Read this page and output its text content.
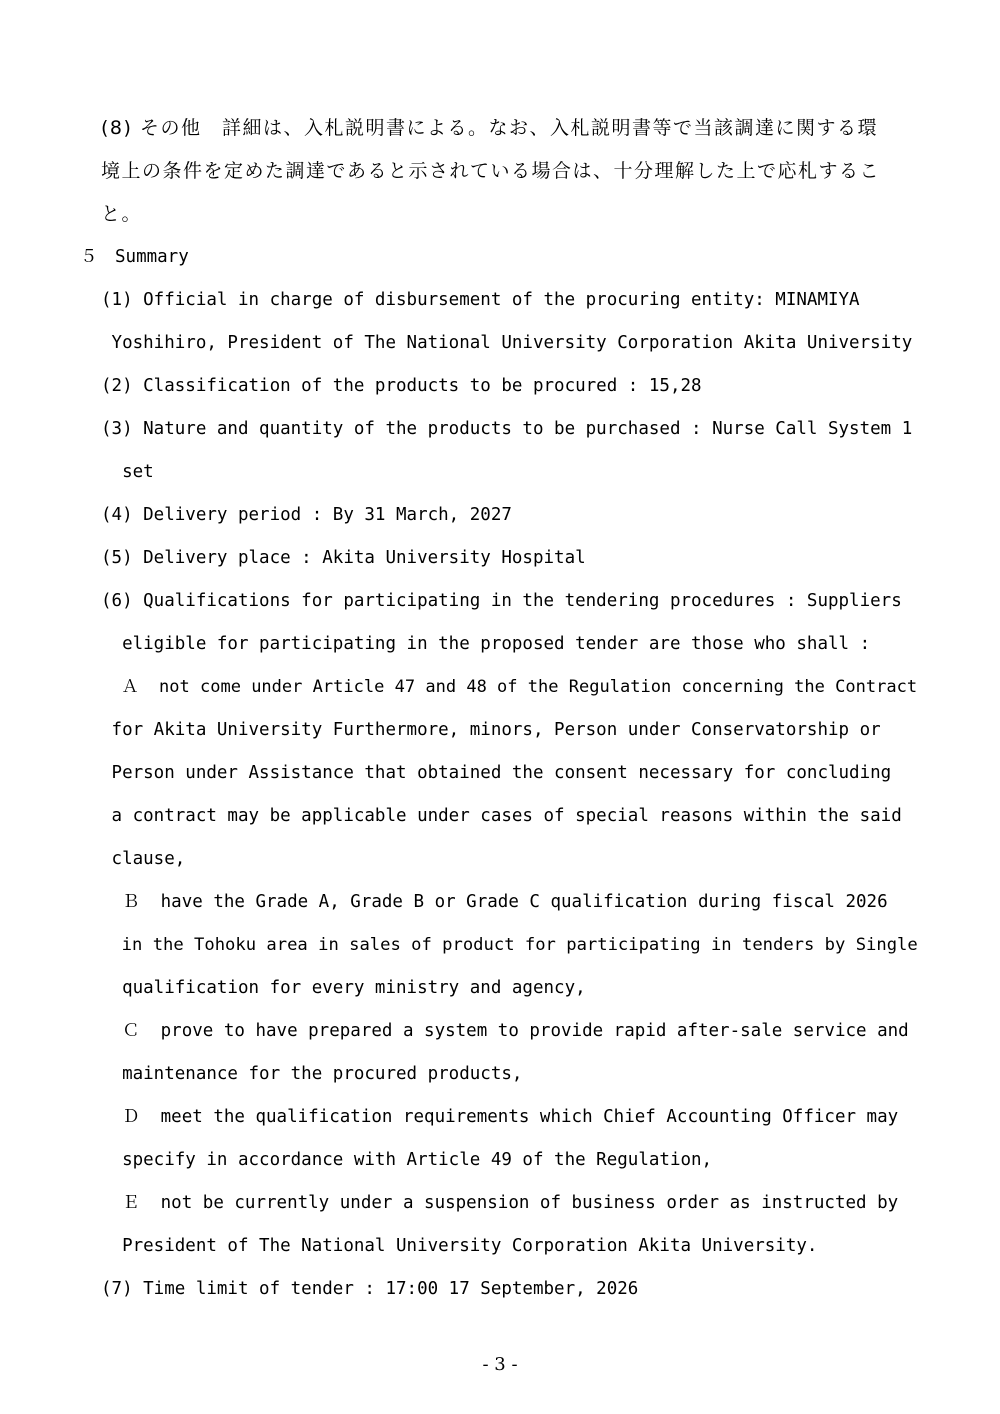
(8) その他　詳細は、入札説明書による。なお、入札説明書等で当該調達に関する環
境上の条件を定めた調達であると示されている場合は、十分理解した上で応札するこ
と。
５　Summary
(1) Official in charge of disbursement of the procuring entity: MINAMIYA
Yoshihiro, President of The National University Corporation Akita University
(2) Classification of the products to be procured : 15,28
(3) Nature and quantity of the products to be purchased : Nurse Call System 1
set
(4) Delivery period : By 31 March, 2027
(5) Delivery place : Akita University Hospital
(6) Qualifications for participating in the tendering procedures : Suppliers
eligible for participating in the proposed tender are those who shall :
Ａ  not come under Article 47 and 48 of the Regulation concerning the Contract
for Akita University Furthermore, minors, Person under Conservatorship or
Person under Assistance that obtained the consent necessary for concluding
a contract may be applicable under cases of special reasons within the said
clause,
Ｂ  have the Grade A, Grade B or Grade C qualification during fiscal 2026
in the Tohoku area in sales of product for participating in tenders by Single
qualification for every ministry and agency,
Ｃ  prove to have prepared a system to provide rapid after-sale service and
maintenance for the procured products,
Ｄ  meet the qualification requirements which Chief Accounting Officer may
specify in accordance with Article 49 of the Regulation,
Ｅ  not be currently under a suspension of business order as instructed by
President of The National University Corporation Akita University.
(7) Time limit of tender : 17:00 17 September, 2026
- 3 -
